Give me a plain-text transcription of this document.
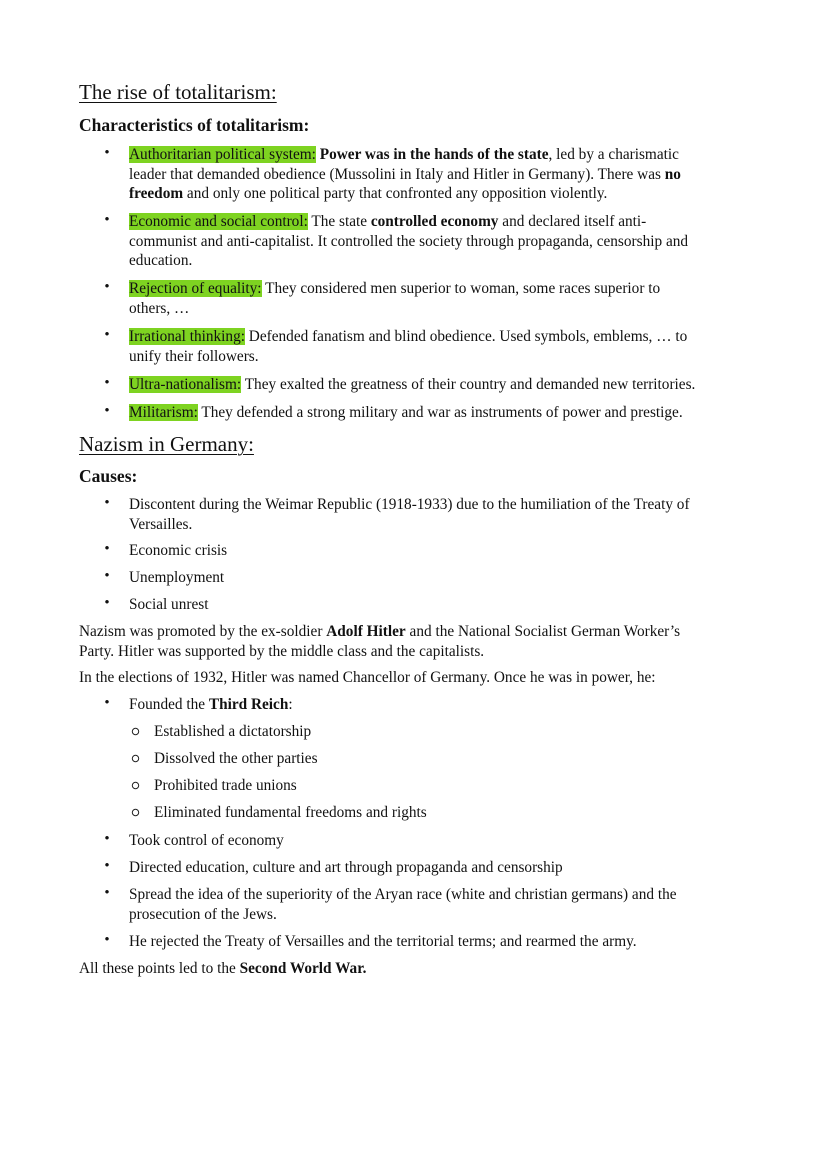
The rise of totalitarism:
Characteristics of totalitarism:
• Authoritarian political system: Power was in the hands of the state, led by a charismatic
leader that demanded obedience (Mussolini in Italy and Hitler in Germany). There was no
freedom and only one political party that confronted any opposition violently.
• Economic and social control: The state controlled economy and declared itself anti-
communist and anti-capitalist. It controlled the society through propaganda, censorship and
education.
• Rejection of equality: They considered men superior to woman, some races superior to
others, …
• Irrational thinking: Defended fanatism and blind obedience. Used symbols, emblems, … to
unify their followers.
• Ultra-nationalism: They exalted the greatness of their country and demanded new territories.
• Militarism: They defended a strong military and war as instruments of power and prestige.
Nazism in Germany:
Causes:
• Discontent during the Weimar Republic (1918-1933) due to the humiliation of the Treaty of
Versailles.
• Economic crisis
• Unemployment
• Social unrest
Nazism was promoted by the ex-soldier Adolf Hitler and the National Socialist German Worker’s
Party. Hitler was supported by the middle class and the capitalists.
In the elections of 1932, Hitler was named Chancellor of Germany. Once he was in power, he:
• Founded the Third Reich:
Established a dictatorship
Dissolved the other parties
Prohibited trade unions
Eliminated fundamental freedoms and rights
• Took control of economy
• Directed education, culture and art through propaganda and censorship
• Spread the idea of the superiority of the Aryan race (white and christian germans) and the
prosecution of the Jews.
• He rejected the Treaty of Versailles and the territorial terms; and rearmed the army.
All these points led to the Second World War.
